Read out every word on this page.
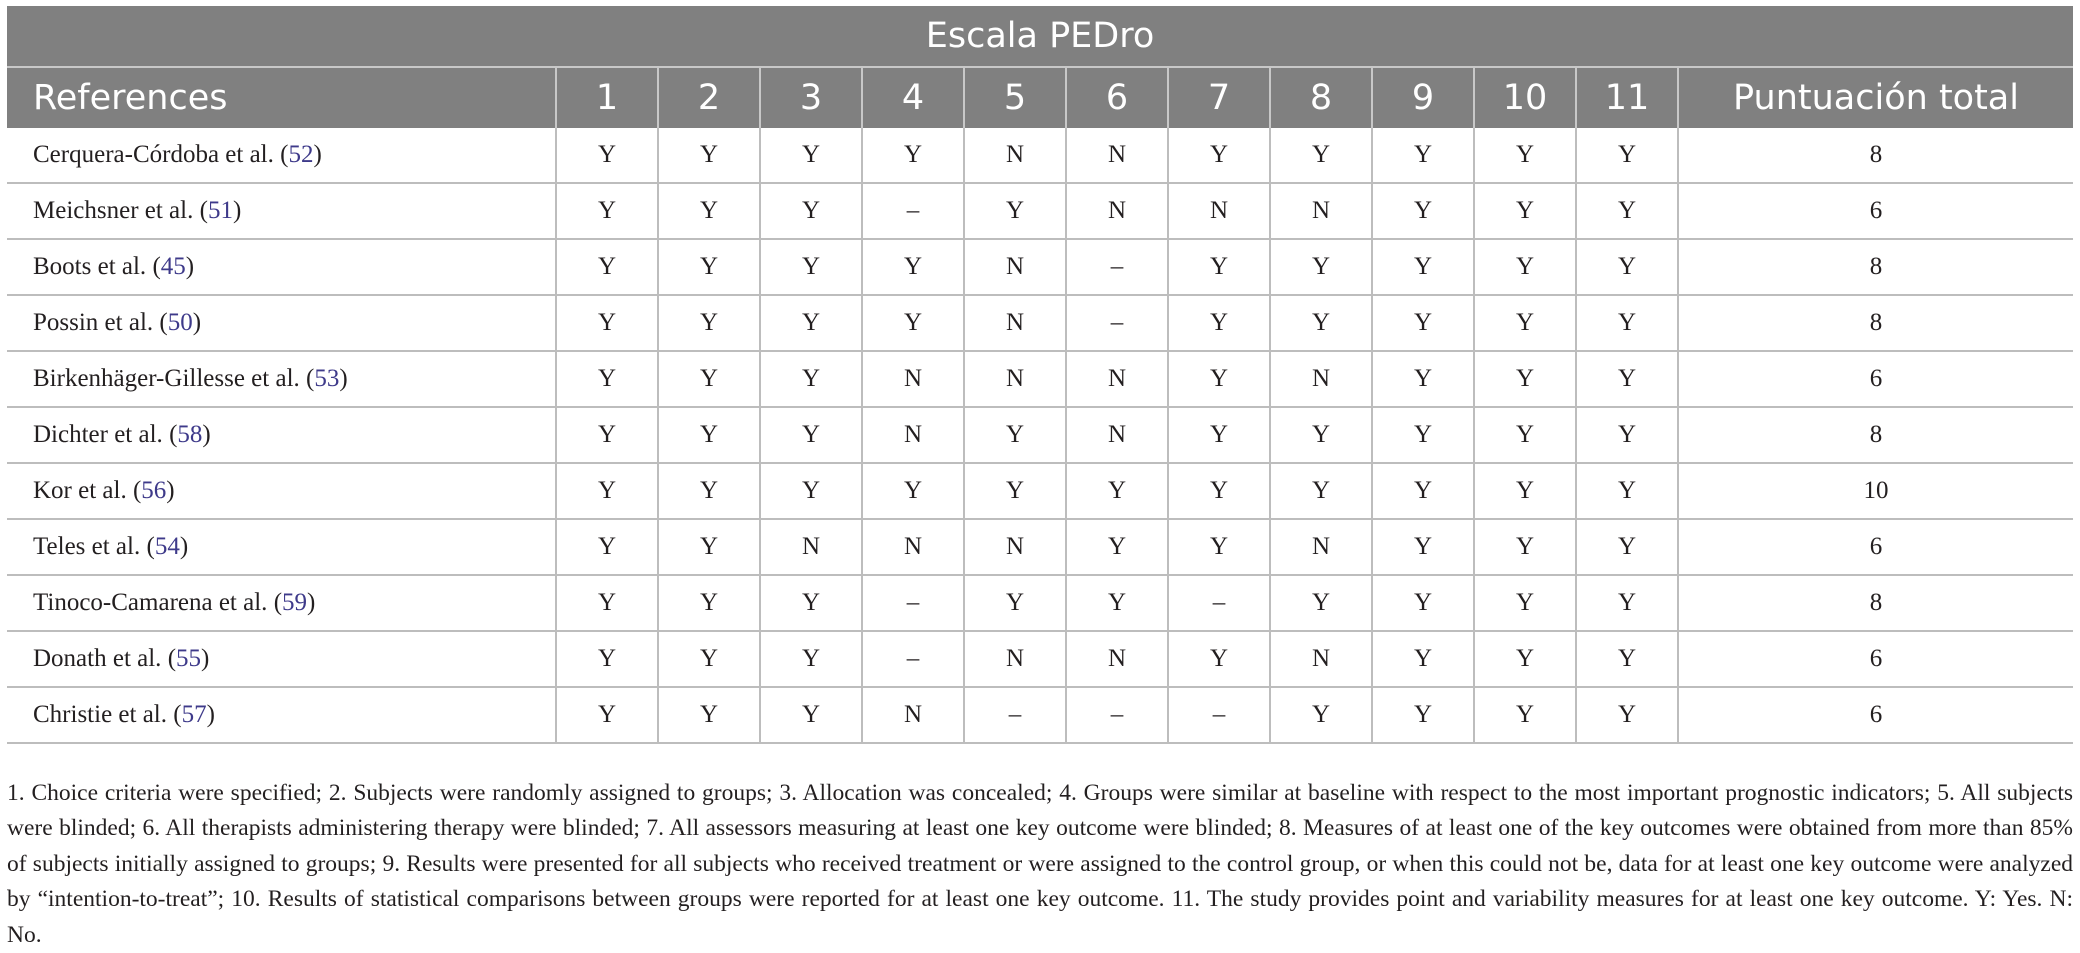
Escala PEDro												
References	1	2	3	4	5	6	7	8	9	10	11	Puntuación total
Cerquera-Córdoba et al. (52)	Y	Y	Y	Y	N	N	Y	Y	Y	Y	Y	8
Meichsner et al. (51)	Y	Y	Y	–	Y	N	N	N	Y	Y	Y	6
Boots et al. (45)	Y	Y	Y	Y	N	–	Y	Y	Y	Y	Y	8
Possin et al. (50)	Y	Y	Y	Y	N	–	Y	Y	Y	Y	Y	8
Birkenhäger-Gillesse et al. (53)	Y	Y	Y	N	N	N	Y	N	Y	Y	Y	6
Dichter et al. (58)	Y	Y	Y	N	Y	N	Y	Y	Y	Y	Y	8
Kor et al. (56)	Y	Y	Y	Y	Y	Y	Y	Y	Y	Y	Y	10
Teles et al. (54)	Y	Y	N	N	N	Y	Y	N	Y	Y	Y	6
Tinoco-Camarena et al. (59)	Y	Y	Y	–	Y	Y	–	Y	Y	Y	Y	8
Donath et al. (55)	Y	Y	Y	–	N	N	Y	N	Y	Y	Y	6
Christie et al. (57)	Y	Y	Y	N	–	–	–	Y	Y	Y	Y	6

1. Choice criteria were specified; 2. Subjects were randomly assigned to groups; 3. Allocation was concealed; 4. Groups were similar at baseline with respect to the most important prognostic indicators; 5. All subjects were blinded; 6. All therapists administering therapy were blinded; 7. All assessors measuring at least one key outcome were blinded; 8. Measures of at least one of the key outcomes were obtained from more than 85% of subjects initially assigned to groups; 9. Results were presented for all subjects who received treatment or were assigned to the control group, or when this could not be, data for at least one key outcome were analyzed by “intention-to-treat”; 10. Results of statistical comparisons between groups were reported for at least one key outcome. 11. The study provides point and variability measures for at least one key outcome. Y: Yes. N: No.
